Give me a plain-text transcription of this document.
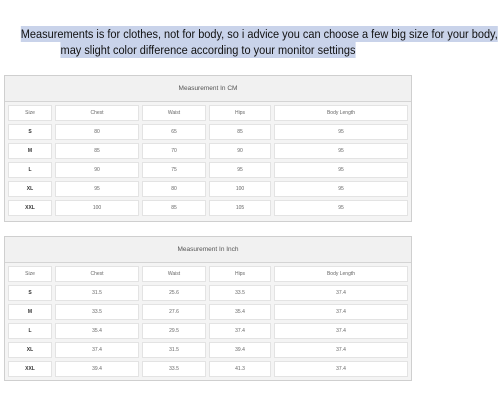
Measurements is for clothes, not for body, so i advice you can choose a few big size for your body,
may slight color difference according to your monitor settings
Measurement In CM
Size	Chest	Waist	Hips	Body Length
S	80	65	85	95
M	85	70	90	95
L	90	75	95	95
XL	95	80	100	95
XXL	100	85	105	95
Measurement In Inch
Size	Chest	Waist	Hips	Body Length
S	31.5	25.6	33.5	37.4
M	33.5	27.6	35.4	37.4
L	35.4	29.5	37.4	37.4
XL	37.4	31.5	39.4	37.4
XXL	39.4	33.5	41.3	37.4
